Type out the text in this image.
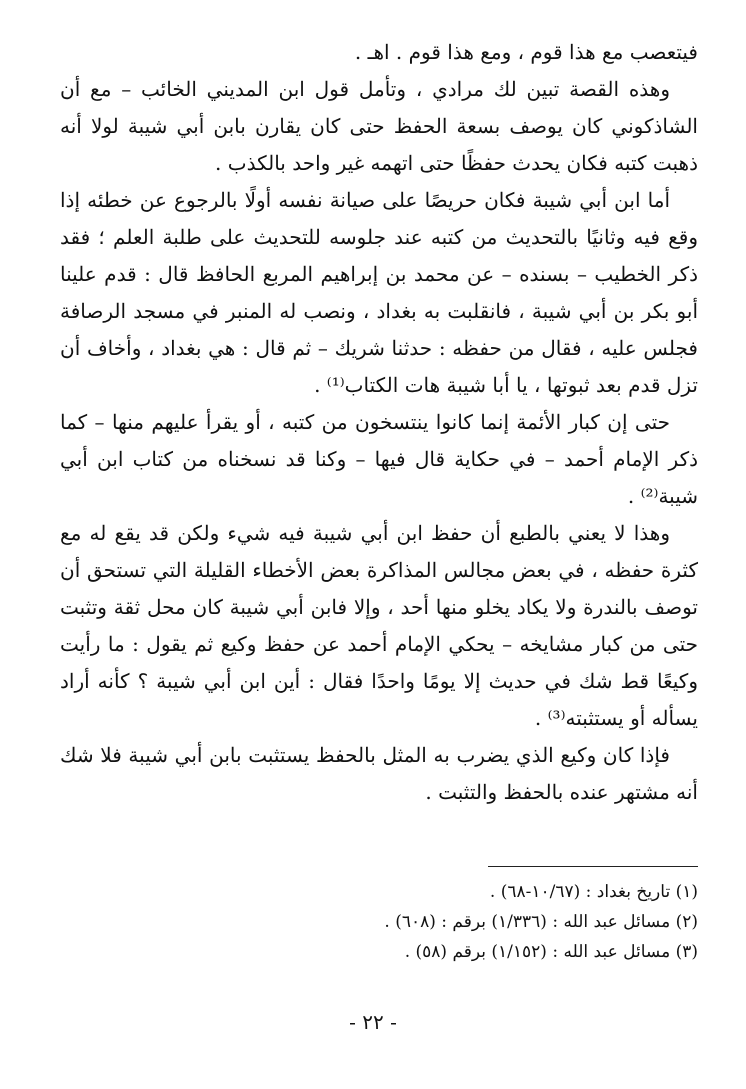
فيتعصب مع هذا قوم ، ومع هذا قوم . اهـ .

وهذه القصة تبين لك مرادي ، وتأمل قول ابن المديني الخائب – مع أن الشاذكوني كان يوصف بسعة الحفظ حتى كان يقارن بابن أبي شيبة لولا أنه ذهبت كتبه فكان يحدث حفظًا حتى اتهمه غير واحد بالكذب .

أما ابن أبي شيبة فكان حريصًا على صيانة نفسه أولًا بالرجوع عن خطئه إذا وقع فيه وثانيًا بالتحديث من كتبه عند جلوسه للتحديث على طلبة العلم ؛ فقد ذكر الخطيب – بسنده – عن محمد بن إبراهيم المربع الحافظ قال : قدم علينا أبو بكر بن أبي شيبة ، فانقلبت به بغداد ، ونصب له المنبر في مسجد الرصافة فجلس عليه ، فقال من حفظه : حدثنا شريك – ثم قال : هي بغداد ، وأخاف أن تزل قدم بعد ثبوتها ، يا أبا شيبة هات الكتاب⁽¹⁾ .

حتى إن كبار الأئمة إنما كانوا ينتسخون من كتبه ، أو يقرأ عليهم منها – كما ذكر الإمام أحمد – في حكاية قال فيها – وكنا قد نسخناه من كتاب ابن أبي شيبة⁽²⁾ .

وهذا لا يعني بالطبع أن حفظ ابن أبي شيبة فيه شيء ولكن قد يقع له مع كثرة حفظه ، في بعض مجالس المذاكرة بعض الأخطاء القليلة التي تستحق أن توصف بالندرة ولا يكاد يخلو منها أحد ، وإلا فابن أبي شيبة كان محل ثقة وتثبت حتى من كبار مشايخه – يحكي الإمام أحمد عن حفظ وكيع ثم يقول : ما رأيت وكيعًا قط شك في حديث إلا يومًا واحدًا فقال : أين ابن أبي شيبة ؟ كأنه أراد يسأله أو يستثبته⁽³⁾ .

فإذا كان وكيع الذي يضرب به المثل بالحفظ يستثبت بابن أبي شيبة فلا شك أنه مشتهر عنده بالحفظ والتثبت .

(١) تاريخ بغداد : (١٠/٦٧-٦٨) .

(٢) مسائل عبد الله : (١/٣٣٦) برقم : (٦٠٨) .

(٣) مسائل عبد الله : (١/١٥٢) برقم (٥٨) .

- ٢٢ -
